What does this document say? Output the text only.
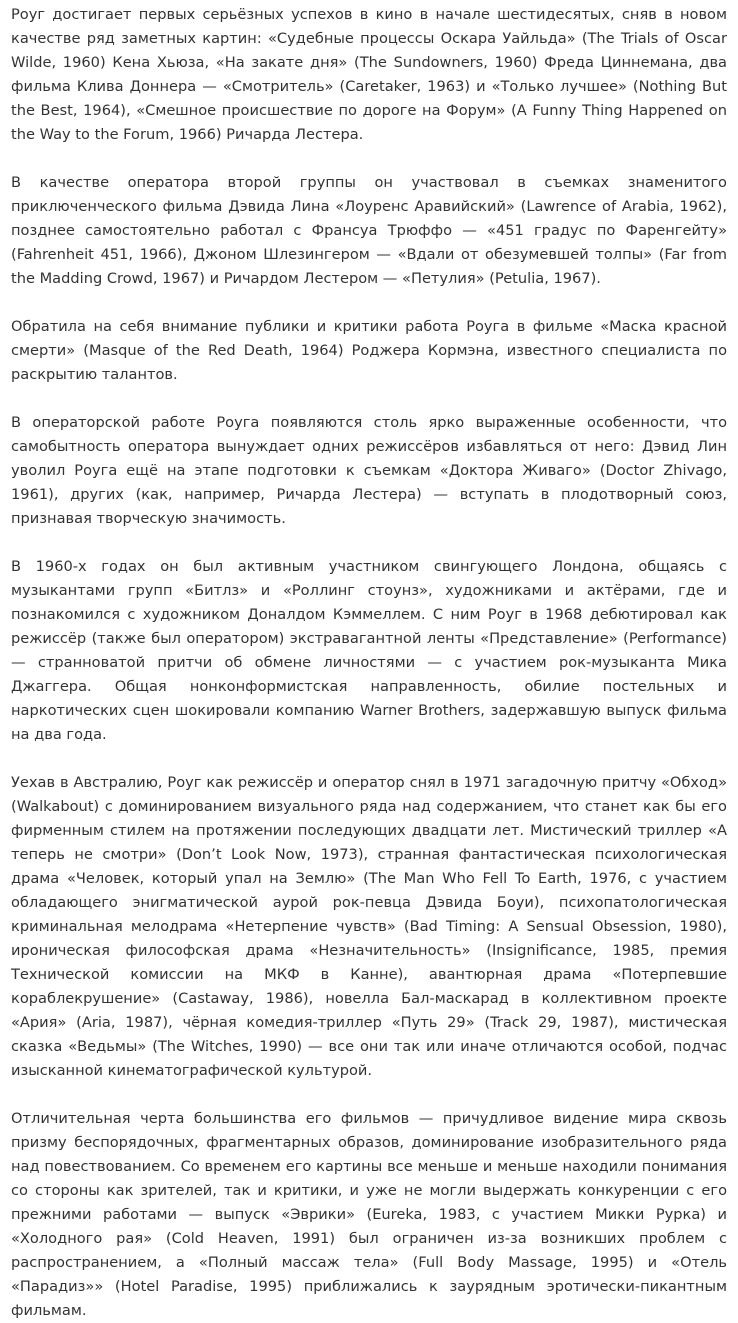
Роуг достигает первых серьёзных успехов в кино в начале шестидесятых, сняв в новом качестве ряд заметных картин: «Судебные процессы Оскара Уайльда» (The Trials of Oscar Wilde, 1960) Кена Хьюза, «На закате дня» (The Sundowners, 1960) Фреда Циннемана, два фильма Клива Доннера — «Смотритель» (Caretaker, 1963) и «Только лучшее» (Nothing But the Best, 1964), «Смешное происшествие по дороге на Форум» (A Funny Thing Happened on the Way to the Forum, 1966) Ричарда Лестера.

В качестве оператора второй группы он участвовал в съемках знаменитого приключенческого фильма Дэвида Лина «Лоуренс Аравийский» (Lawrence of Arabia, 1962), позднее самостоятельно работал с Франсуа Трюффо — «451 градус по Фаренгейту» (Fahrenheit 451, 1966), Джоном Шлезингером — «Вдали от обезумевшей толпы» (Far from the Madding Crowd, 1967) и Ричардом Лестером — «Петулия» (Petulia, 1967).

Обратила на себя внимание публики и критики работа Роуга в фильме «Маска красной смерти» (Masque of the Red Death, 1964) Роджера Кормэна, известного специалиста по раскрытию талантов.

В операторской работе Роуга появляются столь ярко выраженные особенности, что самобытность оператора вынуждает одних режиссёров избавляться от него: Дэвид Лин уволил Роуга ещё на этапе подготовки к съемкам «Доктора Живаго» (Doctor Zhivago, 1961), других (как, например, Ричарда Лестера) — вступать в плодотворный союз, признавая творческую значимость.

В 1960-х годах он был активным участником свингующего Лондона, общаясь с музыкантами групп «Битлз» и «Роллинг стоунз», художниками и актёрами, где и познакомился с художником Доналдом Кэммеллем. С ним Роуг в 1968 дебютировал как режиссёр (также был оператором) экстравагантной ленты «Представление» (Performance) — странноватой притчи об обмене личностями — с участием рок-музыканта Мика Джаггера. Общая нонконформистская направленность, обилие постельных и наркотических сцен шокировали компанию Warner Brothers, задержавшую выпуск фильма на два года.

Уехав в Австралию, Роуг как режиссёр и оператор снял в 1971 загадочную притчу «Обход» (Walkabout) с доминированием визуального ряда над содержанием, что станет как бы его фирменным стилем на протяжении последующих двадцати лет. Мистический триллер «А теперь не смотри» (Don’t Look Now, 1973), странная фантастическая психологическая драма «Человек, который упал на Землю» (The Man Who Fell To Earth, 1976, с участием обладающего энигматической аурой рок-певца Дэвида Боуи), психопатологическая криминальная мелодрама «Нетерпение чувств» (Bad Timing: A Sensual Obsession, 1980), ироническая философская драма «Незначительность» (Insignificance, 1985, премия Технической комиссии на МКФ в Канне), авантюрная драма «Потерпевшие кораблекрушение» (Castaway, 1986), новелла Бал-маскарад в коллективном проекте «Ария» (Aria, 1987), чёрная комедия-триллер «Путь 29» (Track 29, 1987), мистическая сказка «Ведьмы» (The Witches, 1990) — все они так или иначе отличаются особой, подчас изысканной кинематографической культурой.

Отличительная черта большинства его фильмов — причудливое видение мира сквозь призму беспорядочных, фрагментарных образов, доминирование изобразительного ряда над повествованием. Со временем его картины все меньше и меньше находили понимания со стороны как зрителей, так и критики, и уже не могли выдержать конкуренции с его прежними работами — выпуск «Эврики» (Eureka, 1983, с участием Микки Рурка) и «Холодного рая» (Cold Heaven, 1991) был ограничен из-за возникших проблем с распространением, а «Полный массаж тела» (Full Body Massage, 1995) и «Отель «Парадиз»» (Hotel Paradise, 1995) приближались к заурядным эротически-пикантным фильмам.
